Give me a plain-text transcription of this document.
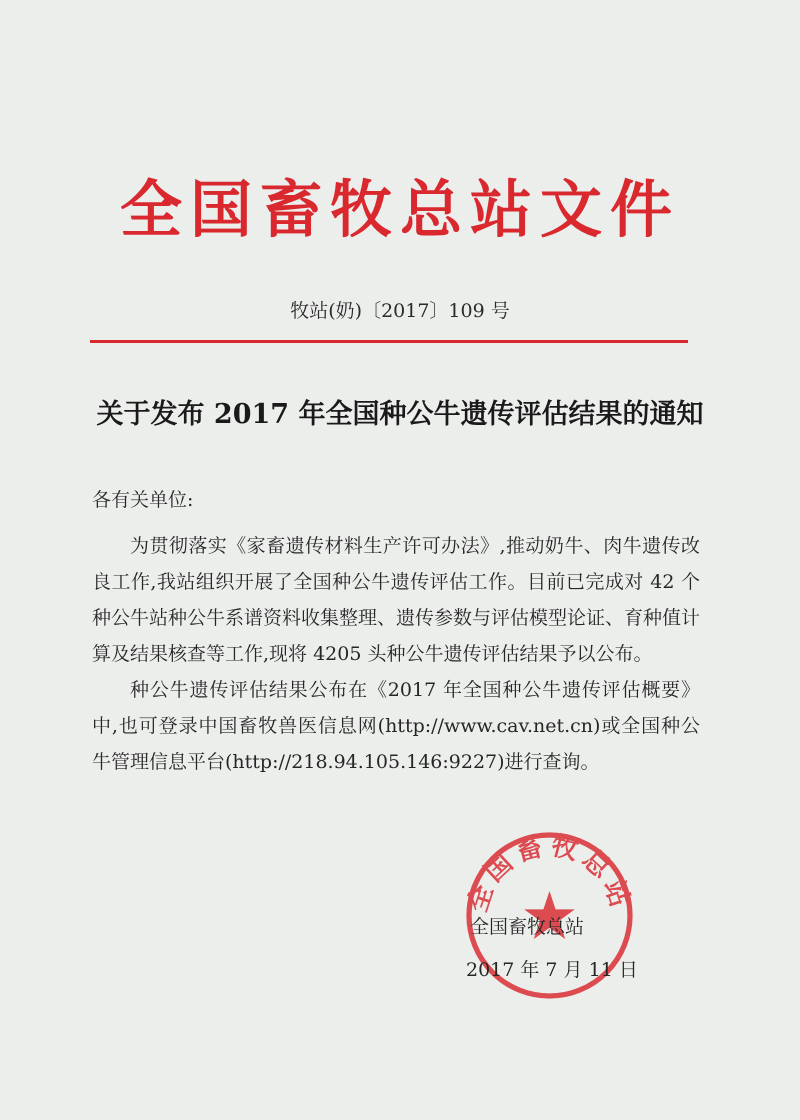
全国畜牧总站文件
牧站(奶)〔2017〕109 号
关于发布 2017 年全国种公牛遗传评估结果的通知

各有关单位:

为贯彻落实《家畜遗传材料生产许可办法》,推动奶牛、肉牛遗传改良工作,我站组织开展了全国种公牛遗传评估工作。目前已完成对 42 个种公牛站种公牛系谱资料收集整理、遗传参数与评估模型论证、育种值计算及结果核查等工作,现将 4205 头种公牛遗传评估结果予以公布。

种公牛遗传评估结果公布在《2017 年全国种公牛遗传评估概要》中,也可登录中国畜牧兽医信息网(http://www.cav.net.cn)或全国种公牛管理信息平台(http://218.94.105.146:9227)进行查询。

全国畜牧总站
全国畜牧总站
2017 年 7 月 11 日
